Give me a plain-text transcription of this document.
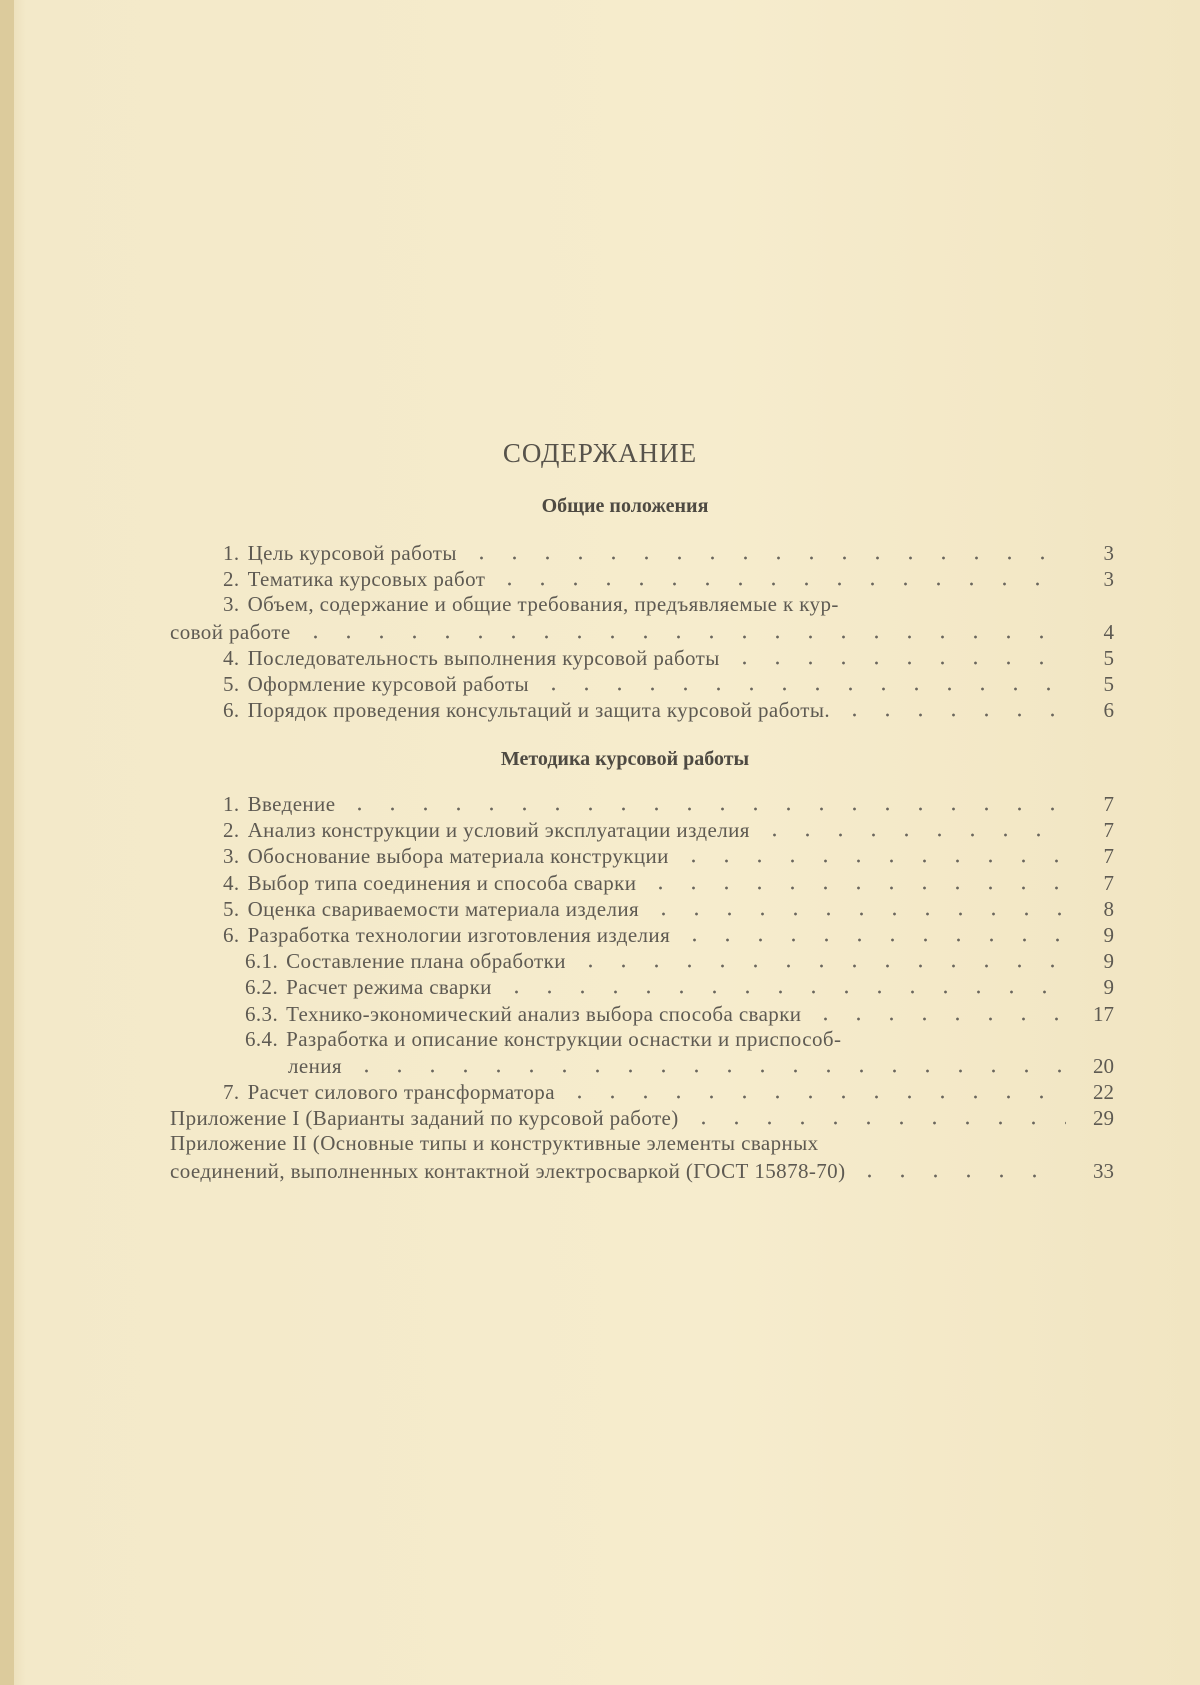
СОДЕРЖАНИЕ
Общие положения
1. Цель курсовой работы	3
2. Тематика курсовых работ	3
3. Объем, содержание и общие требования, предъявляемые к кур-
совой работе	4
4. Последовательность выполнения курсовой работы	5
5. Оформление курсовой работы	5
6. Порядок проведения консультаций и защита курсовой работы.	6
Методика курсовой работы
1. Введение	7
2. Анализ конструкции и условий эксплуатации изделия	7
3. Обоснование выбора материала конструкции	7
4. Выбор типа соединения и способа сварки	7
5. Оценка свариваемости материала изделия	8
6. Разработка технологии изготовления изделия	9
6.1. Составление плана обработки	9
6.2. Расчет режима сварки	9
6.3. Технико-экономический анализ выбора способа сварки	17
6.4. Разработка и описание конструкции оснастки и приспособ-
ления	20
7. Расчет силового трансформатора	22
Приложение I (Варианты заданий по курсовой работе)	29
Приложение II (Основные типы и конструктивные элементы сварных
соединений, выполненных контактной электросваркой (ГОСТ 15878-70)	33
